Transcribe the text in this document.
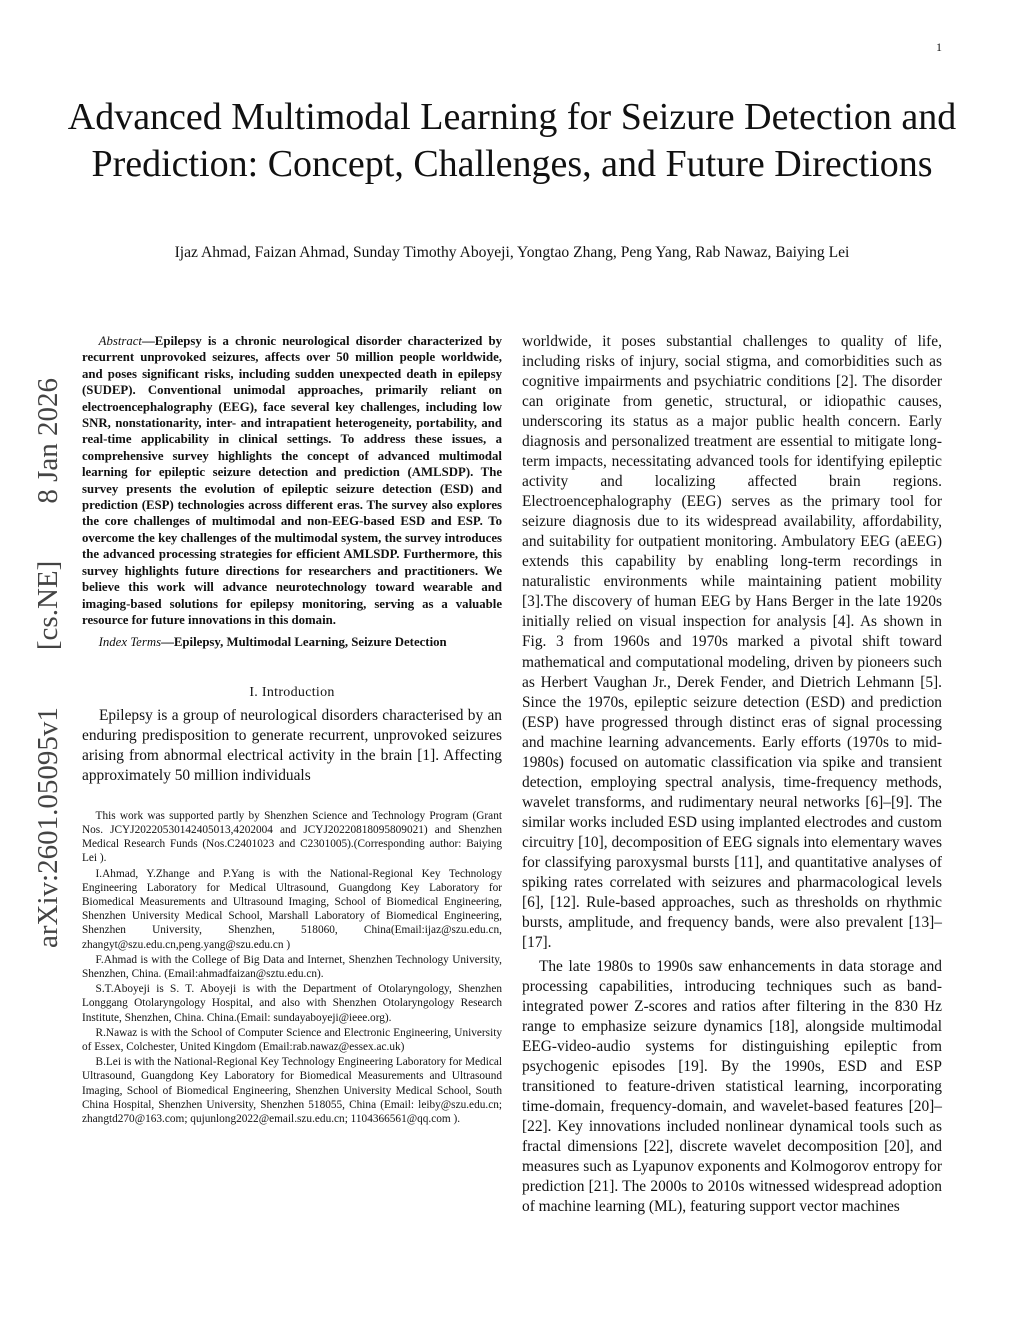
1
arXiv:2601.05095v1
[cs.NE]
8 Jan 2026
Advanced Multimodal Learning for Seizure Detection and Prediction: Concept, Challenges, and Future Directions

Ijaz Ahmad, Faizan Ahmad, Sunday Timothy Aboyeji, Yongtao Zhang, Peng Yang, Rab Nawaz, Baiying Lei

Abstract—Epilepsy is a chronic neurological disorder characterized by recurrent unprovoked seizures, affects over 50 million people worldwide, and poses significant risks, including sudden unexpected death in epilepsy (SUDEP). Conventional unimodal approaches, primarily reliant on electroencephalography (EEG), face several key challenges, including low SNR, nonstationarity, inter- and intrapatient heterogeneity, portability, and real-time applicability in clinical settings. To address these issues, a comprehensive survey highlights the concept of advanced multimodal learning for epileptic seizure detection and prediction (AMLSDP). The survey presents the evolution of epileptic seizure detection (ESD) and prediction (ESP) technologies across different eras. The survey also explores the core challenges of multimodal and non-EEG-based ESD and ESP. To overcome the key challenges of the multimodal system, the survey introduces the advanced processing strategies for efficient AMLSDP. Furthermore, this survey highlights future directions for researchers and practitioners. We believe this work will advance neurotechnology toward wearable and imaging-based solutions for epilepsy monitoring, serving as a valuable resource for future innovations in this domain.

Index Terms—Epilepsy, Multimodal Learning, Seizure Detection

I. Introduction

Epilepsy is a group of neurological disorders characterised by an enduring predisposition to generate recurrent, unprovoked seizures arising from abnormal electrical activity in the brain [1]. Affecting approximately 50 million individuals

This work was supported partly by Shenzhen Science and Technology Program (Grant Nos. JCYJ20220530142405013,4202004 and JCYJ20220818095809021) and Shenzhen Medical Research Funds (Nos.C2401023 and C2301005).(Corresponding author: Baiying Lei ).

I.Ahmad, Y.Zhange and P.Yang is with the National-Regional Key Technology Engineering Laboratory for Medical Ultrasound, Guangdong Key Laboratory for Biomedical Measurements and Ultrasound Imaging, School of Biomedical Engineering, Shenzhen University Medical School, Marshall Laboratory of Biomedical Engineering, Shenzhen University, Shenzhen, 518060, China(Email:ijaz@szu.edu.cn, zhangyt@szu.edu.cn,peng.yang@szu.edu.cn )

F.Ahmad is with the College of Big Data and Internet, Shenzhen Technology University, Shenzhen, China. (Email:ahmadfaizan@sztu.edu.cn).

S.T.Aboyeji is S. T. Aboyeji is with the Department of Otolaryngology, Shenzhen Longgang Otolaryngology Hospital, and also with Shenzhen Otolaryngology Research Institute, Shenzhen, China. China.(Email: sundayaboyeji@ieee.org).

R.Nawaz is with the School of Computer Science and Electronic Engineering, University of Essex, Colchester, United Kingdom (Email:rab.nawaz@essex.ac.uk)

B.Lei is with the National-Regional Key Technology Engineering Laboratory for Medical Ultrasound, Guangdong Key Laboratory for Biomedical Measurements and Ultrasound Imaging, School of Biomedical Engineering, Shenzhen University Medical School, South China Hospital, Shenzhen University, Shenzhen 518055, China (Email: leiby@szu.edu.cn; zhangtd270@163.com; qujunlong2022@email.szu.edu.cn; 1104366561@qq.com ).

worldwide, it poses substantial challenges to quality of life, including risks of injury, social stigma, and comorbidities such as cognitive impairments and psychiatric conditions [2]. The disorder can originate from genetic, structural, or idiopathic causes, underscoring its status as a major public health concern. Early diagnosis and personalized treatment are essential to mitigate long-term impacts, necessitating advanced tools for identifying epileptic activity and localizing affected brain regions. Electroencephalography (EEG) serves as the primary tool for seizure diagnosis due to its widespread availability, affordability, and suitability for outpatient monitoring. Ambulatory EEG (aEEG) extends this capability by enabling long-term recordings in naturalistic environments while maintaining patient mobility [3].The discovery of human EEG by Hans Berger in the late 1920s initially relied on visual inspection for analysis [4]. As shown in Fig. 3 from 1960s and 1970s marked a pivotal shift toward mathematical and computational modeling, driven by pioneers such as Herbert Vaughan Jr., Derek Fender, and Dietrich Lehmann [5]. Since the 1970s, epileptic seizure detection (ESD) and prediction (ESP) have progressed through distinct eras of signal processing and machine learning advancements. Early efforts (1970s to mid-1980s) focused on automatic classification via spike and transient detection, employing spectral analysis, time-frequency methods, wavelet transforms, and rudimentary neural networks [6]–[9]. The similar works included ESD using implanted electrodes and custom circuitry [10], decomposition of EEG signals into elementary waves for classifying paroxysmal bursts [11], and quantitative analyses of spiking rates correlated with seizures and pharmacological levels [6], [12]. Rule-based approaches, such as thresholds on rhythmic bursts, amplitude, and frequency bands, were also prevalent [13]–[17].

The late 1980s to 1990s saw enhancements in data storage and processing capabilities, introducing techniques such as band-integrated power Z-scores and ratios after filtering in the 830 Hz range to emphasize seizure dynamics [18], alongside multimodal EEG-video-audio systems for distinguishing epileptic from psychogenic episodes [19]. By the 1990s, ESD and ESP transitioned to feature-driven statistical learning, incorporating time-domain, frequency-domain, and wavelet-based features [20]–[22]. Key innovations included nonlinear dynamical tools such as fractal dimensions [22], discrete wavelet decomposition [20], and measures such as Lyapunov exponents and Kolmogorov entropy for prediction [21]. The 2000s to 2010s witnessed widespread adoption of machine learning (ML), featuring support vector machines
